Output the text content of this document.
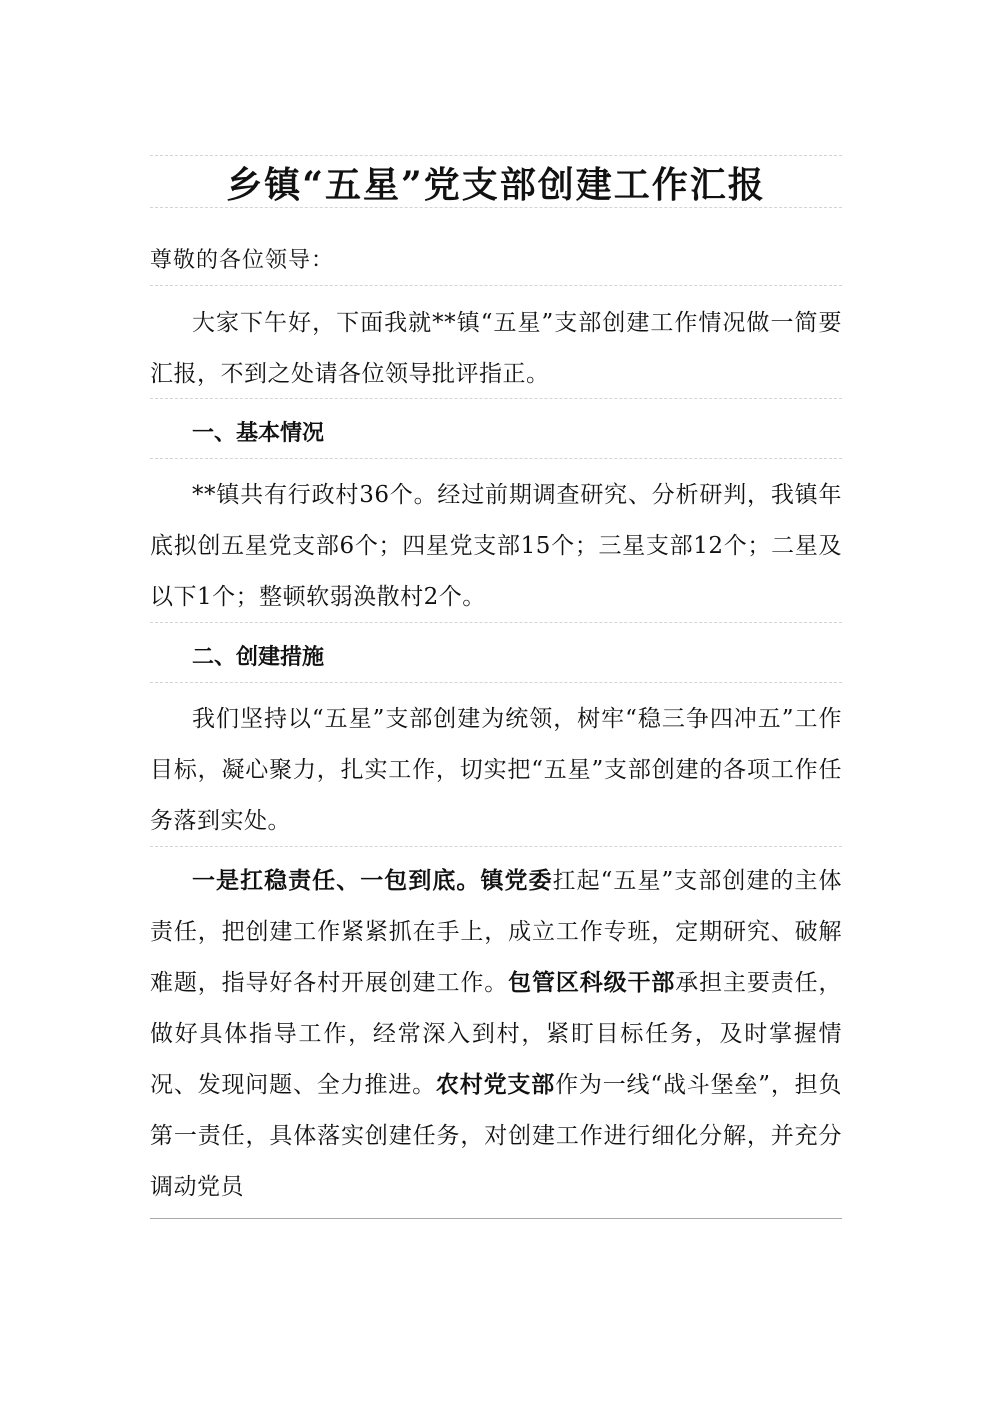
乡镇“五星”党支部创建工作汇报
尊敬的各位领导：
大家下午好，下面我就**镇“五星”支部创建工作情况做一简要汇报，不到之处请各位领导批评指正。
一、基本情况
**镇共有行政村36个。经过前期调查研究、分析研判，我镇年底拟创五星党支部6个；四星党支部15个；三星支部12个；二星及以下1个；整顿软弱涣散村2个。
二、创建措施
我们坚持以“五星”支部创建为统领，树牢“稳三争四冲五”工作目标，凝心聚力，扎实工作，切实把“五星”支部创建的各项工作任务落到实处。
一是扛稳责任、一包到底。镇党委扛起“五星”支部创建的主体责任，把创建工作紧紧抓在手上，成立工作专班，定期研究、破解难题，指导好各村开展创建工作。包管区科级干部承担主要责任，做好具体指导工作，经常深入到村，紧盯目标任务，及时掌握情况、发现问题、全力推进。农村党支部作为一线“战斗堡垒”，担负第一责任，具体落实创建任务，对创建工作进行细化分解，并充分调动党员
